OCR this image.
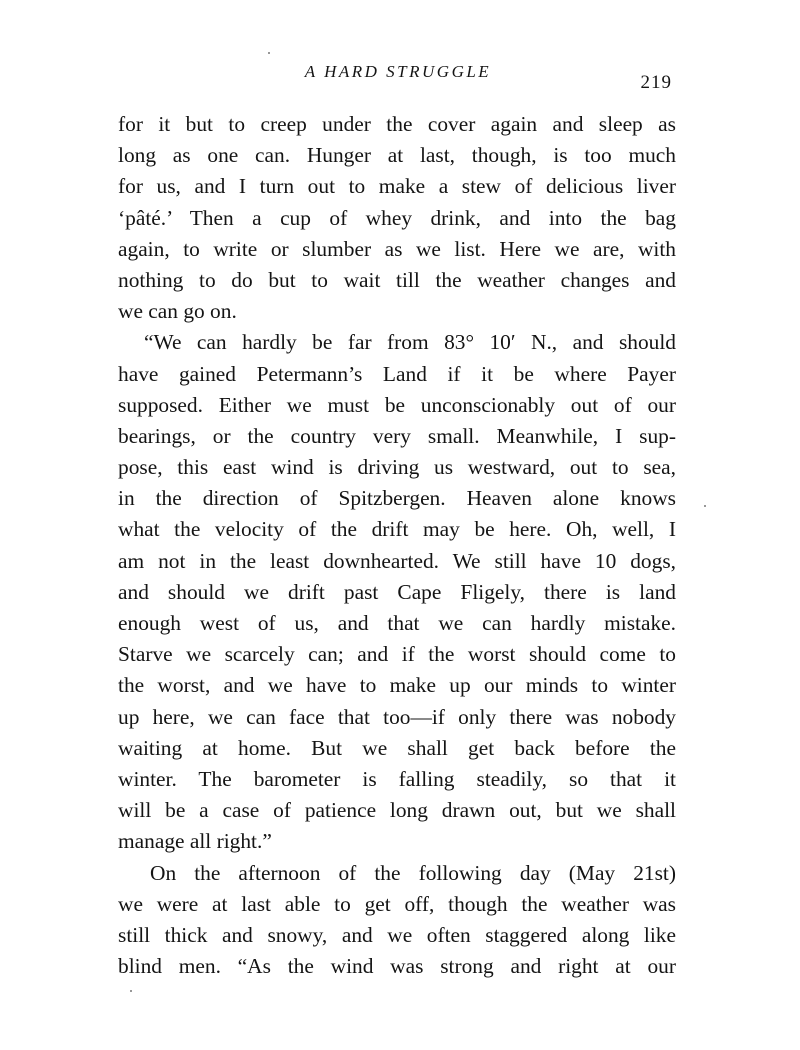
A HARD STRUGGLE
219
for it but to creep under the cover again and sleep as
long as one can. Hunger at last, though, is too much
for us, and I turn out to make a stew of delicious liver
‘pâté.’ Then a cup of whey drink, and into the bag
again, to write or slumber as we list. Here we are, with
nothing to do but to wait till the weather changes and
we can go on.
“We can hardly be far from 83° 10′ N., and should
have gained Petermann’s Land if it be where Payer
supposed. Either we must be unconscionably out of our
bearings, or the country very small. Meanwhile, I sup-
pose, this east wind is driving us westward, out to sea,
in the direction of Spitzbergen. Heaven alone knows
what the velocity of the drift may be here. Oh, well, I
am not in the least downhearted. We still have 10 dogs,
and should we drift past Cape Fligely, there is land
enough west of us, and that we can hardly mistake.
Starve we scarcely can; and if the worst should come to
the worst, and we have to make up our minds to winter
up here, we can face that too—if only there was nobody
waiting at home. But we shall get back before the
winter. The barometer is falling steadily, so that it
will be a case of patience long drawn out, but we shall
manage all right.”
On the afternoon of the following day (May 21st)
we were at last able to get off, though the weather was
still thick and snowy, and we often staggered along like
blind men. “As the wind was strong and right at our
